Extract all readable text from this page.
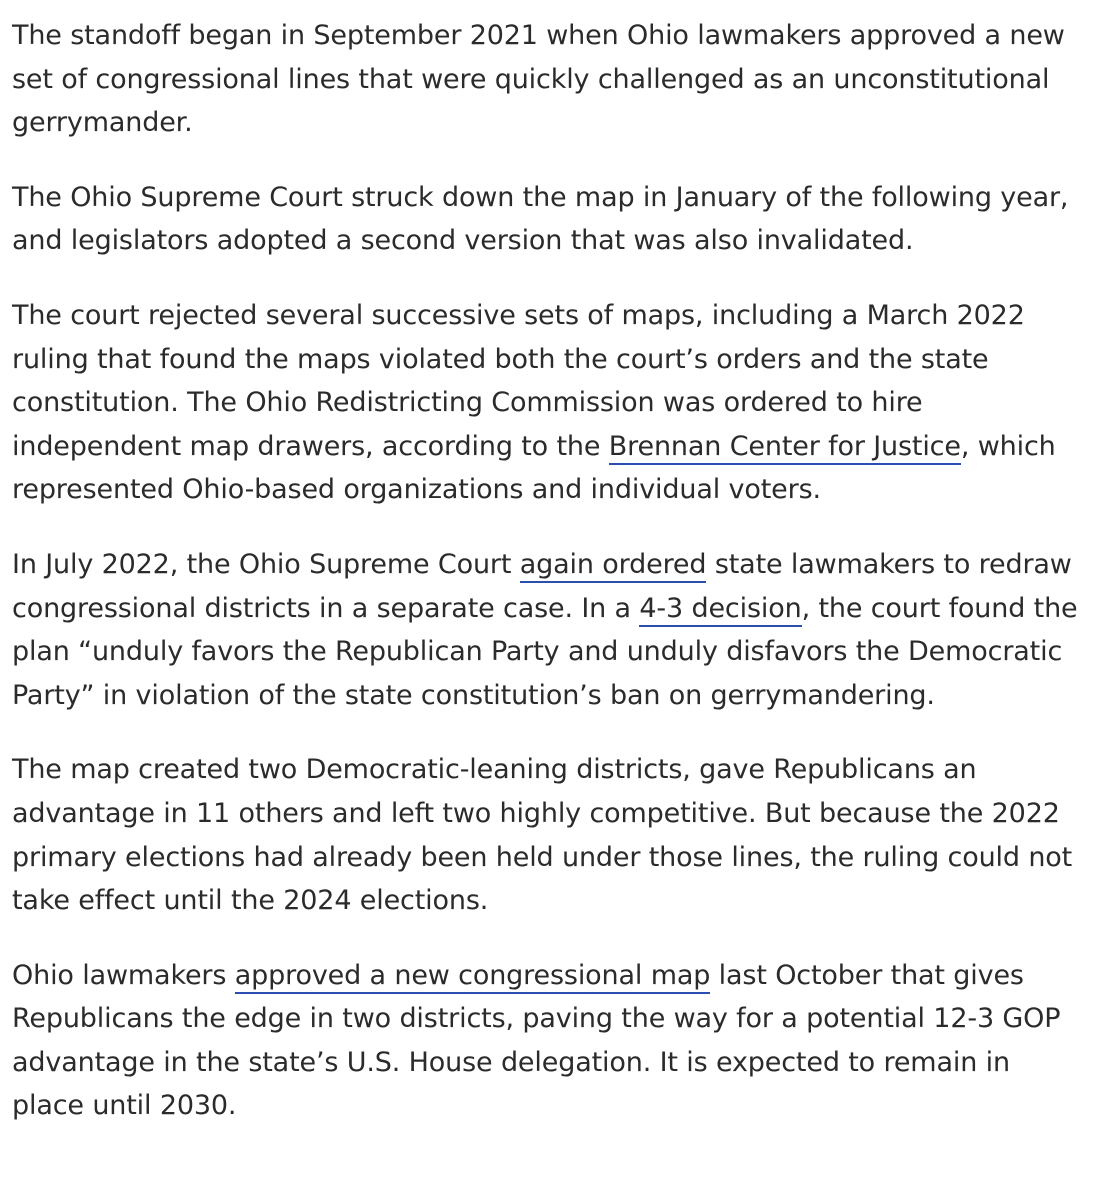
The standoff began in September 2021 when Ohio lawmakers approved a new set of congressional lines that were quickly challenged as an unconstitutional gerrymander.

The Ohio Supreme Court struck down the map in January of the following year, and legislators adopted a second version that was also invalidated.

The court rejected several successive sets of maps, including a March 2022 ruling that found the maps violated both the court’s orders and the state constitution. The Ohio Redistricting Commission was ordered to hire independent map drawers, according to the Brennan Center for Justice, which represented Ohio-based organizations and individual voters.

In July 2022, the Ohio Supreme Court again ordered state lawmakers to redraw congressional districts in a separate case. In a 4-3 decision, the court found the plan “unduly favors the Republican Party and unduly disfavors the Democratic Party” in violation of the state constitution’s ban on gerrymandering.

The map created two Democratic-leaning districts, gave Republicans an advantage in 11 others and left two highly competitive. But because the 2022 primary elections had already been held under those lines, the ruling could not take effect until the 2024 elections.

Ohio lawmakers approved a new congressional map last October that gives Republicans the edge in two districts, paving the way for a potential 12-3 GOP advantage in the state’s U.S. House delegation. It is expected to remain in place until 2030.
